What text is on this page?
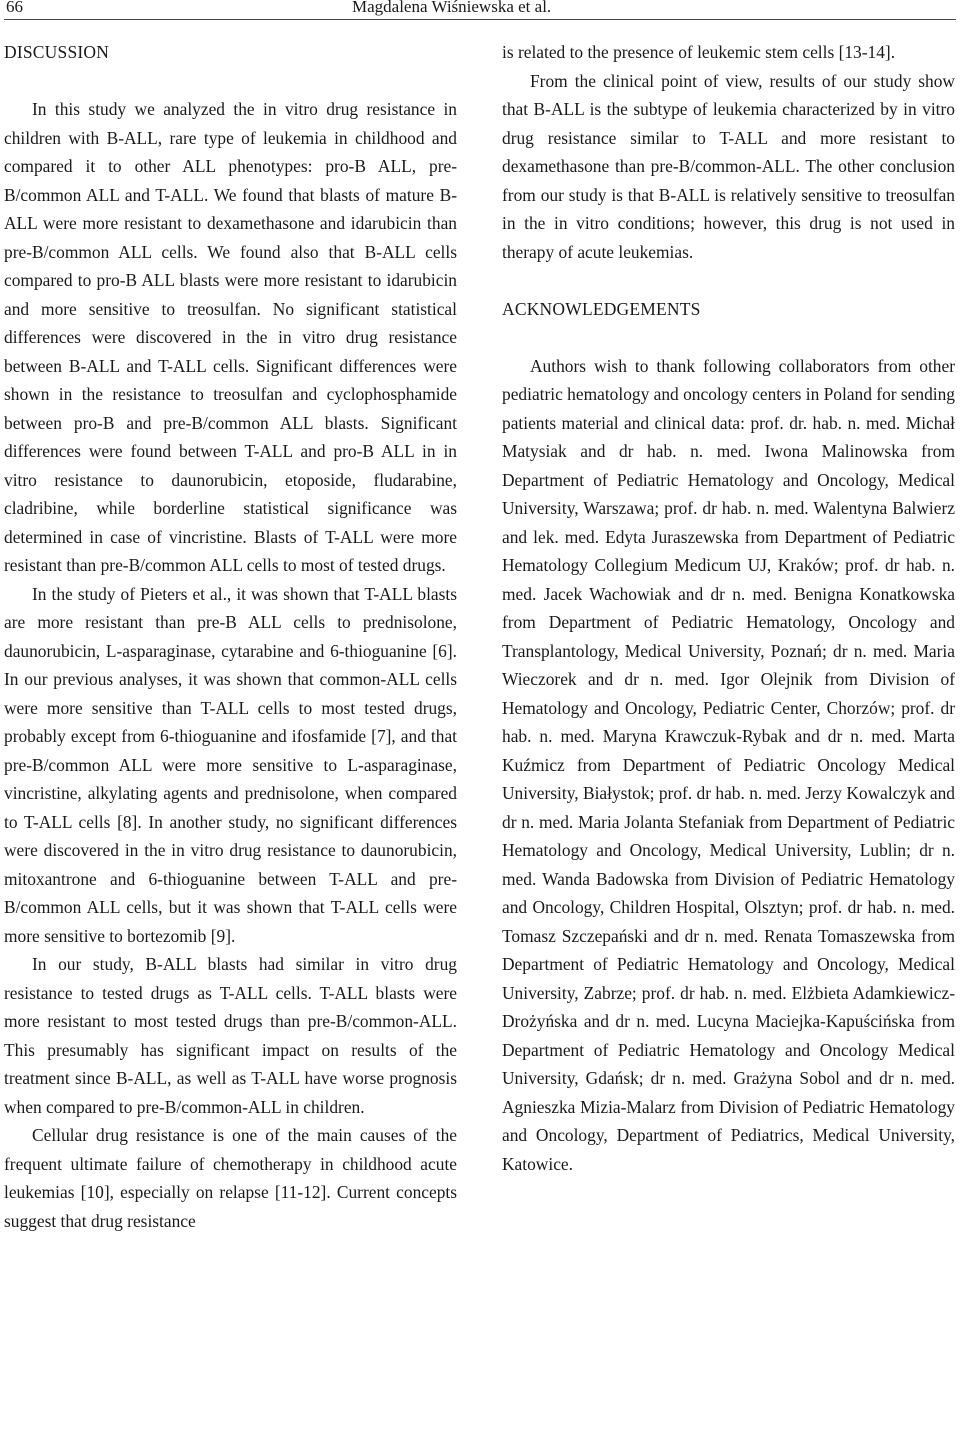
66	Magdalena Wiśniewska et al.
DISCUSSION

In this study we analyzed the in vitro drug resistance in children with B-ALL, rare type of leukemia in childhood and compared it to other ALL phenotypes: pro-B ALL, pre-B/common ALL and T-ALL. We found that blasts of mature B-ALL were more resistant to dexamethasone and idarubicin than pre-B/common ALL cells. We found also that B-ALL cells compared to pro-B ALL blasts were more resistant to idarubicin and more sensitive to treosulfan. No significant statistical differences were discovered in the in vitro drug resistance between B-ALL and T-ALL cells. Significant differences were shown in the resistance to treosulfan and cyclophosphamide between pro-B and pre-B/common ALL blasts. Significant differences were found between T-ALL and pro-B ALL in in vitro resistance to daunorubicin, etoposide, fludarabine, cladribine, while borderline statistical significance was determined in case of vincristine. Blasts of T-ALL were more resistant than pre-B/common ALL cells to most of tested drugs.

In the study of Pieters et al., it was shown that T-ALL blasts are more resistant than pre-B ALL cells to prednisolone, daunorubicin, L-asparaginase, cytarabine and 6-thioguanine [6]. In our previous analyses, it was shown that common-ALL cells were more sensitive than T-ALL cells to most tested drugs, probably except from 6-thioguanine and ifosfamide [7], and that pre-B/common ALL were more sensitive to L-asparaginase, vincristine, alkylating agents and prednisolone, when compared to T-ALL cells [8]. In another study, no significant differences were discovered in the in vitro drug resistance to daunorubicin, mitoxantrone and 6-thioguanine between T-ALL and pre-B/common ALL cells, but it was shown that T-ALL cells were more sensitive to bortezomib [9].

In our study, B-ALL blasts had similar in vitro drug resistance to tested drugs as T-ALL cells. T-ALL blasts were more resistant to most tested drugs than pre-B/common-ALL. This presumably has significant impact on results of the treatment since B-ALL, as well as T-ALL have worse prognosis when compared to pre-B/common-ALL in children.

Cellular drug resistance is one of the main causes of the frequent ultimate failure of chemotherapy in childhood acute leukemias [10], especially on relapse [11-12]. Current concepts suggest that drug resistance

is related to the presence of leukemic stem cells [13-14].

From the clinical point of view, results of our study show that B-ALL is the subtype of leukemia characterized by in vitro drug resistance similar to T-ALL and more resistant to dexamethasone than pre-B/common-ALL. The other conclusion from our study is that B-ALL is relatively sensitive to treosulfan in the in vitro conditions; however, this drug is not used in therapy of acute leukemias.

ACKNOWLEDGEMENTS

Authors wish to thank following collaborators from other pediatric hematology and oncology centers in Poland for sending patients material and clinical data: prof. dr. hab. n. med. Michał Matysiak and dr hab. n. med. Iwona Malinowska from Department of Pediatric Hematology and Oncology, Medical University, Warszawa; prof. dr hab. n. med. Walentyna Balwierz and lek. med. Edyta Juraszewska from Department of Pediatric Hematology Collegium Medicum UJ, Kraków; prof. dr hab. n. med. Jacek Wachowiak and dr n. med. Benigna Konatkowska from Department of Pediatric Hematology, Oncology and Transplantology, Medical University, Poznań; dr n. med. Maria Wieczorek and dr n. med. Igor Olejnik from Division of Hematology and Oncology, Pediatric Center, Chorzów; prof. dr hab. n. med. Maryna Krawczuk-Rybak and dr n. med. Marta Kuźmicz from Department of Pediatric Oncology Medical University, Białystok; prof. dr hab. n. med. Jerzy Kowalczyk and dr n. med. Maria Jolanta Stefaniak from Department of Pediatric Hematology and Oncology, Medical University, Lublin; dr n. med. Wanda Badowska from Division of Pediatric Hematology and Oncology, Children Hospital, Olsztyn; prof. dr hab. n. med. Tomasz Szczepański and dr n. med. Renata Tomaszewska from Department of Pediatric Hematology and Oncology, Medical University, Zabrze; prof. dr hab. n. med. Elżbieta Adamkiewicz-Drożyńska and dr n. med. Lucyna Maciejka-Kapuścińska from Department of Pediatric Hematology and Oncology Medical University, Gdańsk; dr n. med. Grażyna Sobol and dr n. med. Agnieszka Mizia-Malarz from Division of Pediatric Hematology and Oncology, Department of Pediatrics, Medical University, Katowice.
